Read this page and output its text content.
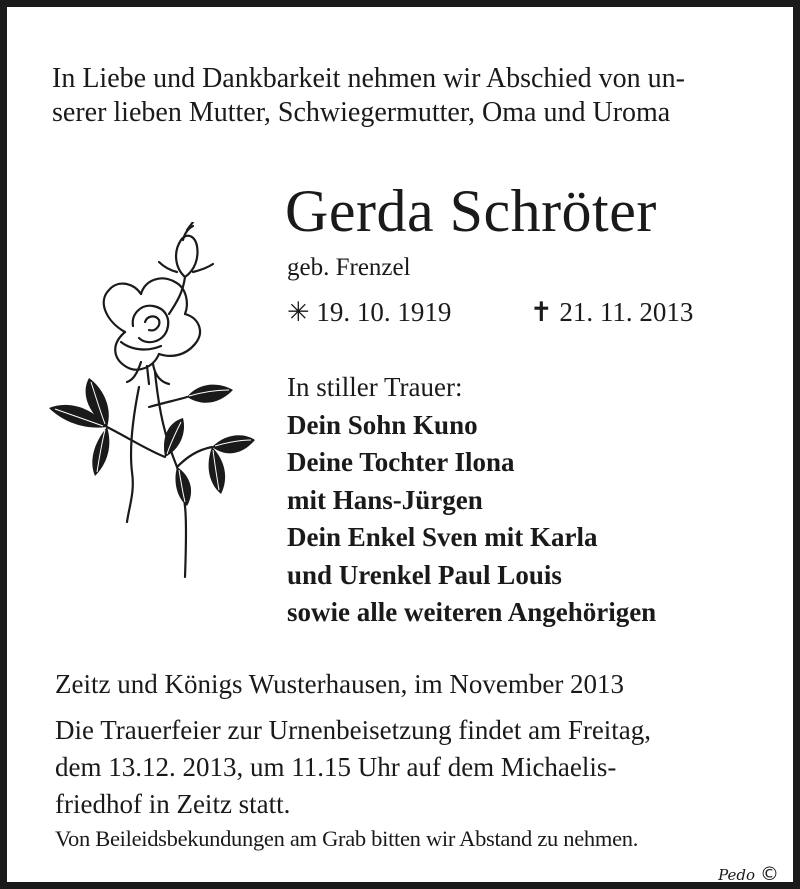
In Liebe und Dankbarkeit nehmen wir Abschied von un-
serer lieben Mutter, Schwiegermutter, Oma und Uroma
Gerda Schröter
geb. Frenzel
✳ 19. 10. 1919	✝ 21. 11. 2013
In stiller Trauer:
Dein Sohn Kuno
Deine Tochter Ilona
mit Hans-Jürgen
Dein Enkel Sven mit Karla
und Urenkel Paul Louis
sowie alle weiteren Angehörigen
Zeitz und Königs Wusterhausen, im November 2013
Die Trauerfeier zur Urnenbeisetzung findet am Freitag,
dem 13.12. 2013, um 11.15 Uhr auf dem Michaelis-
friedhof in Zeitz statt.
Von Beileidsbekundungen am Grab bitten wir Abstand zu nehmen.
Pedo ©
